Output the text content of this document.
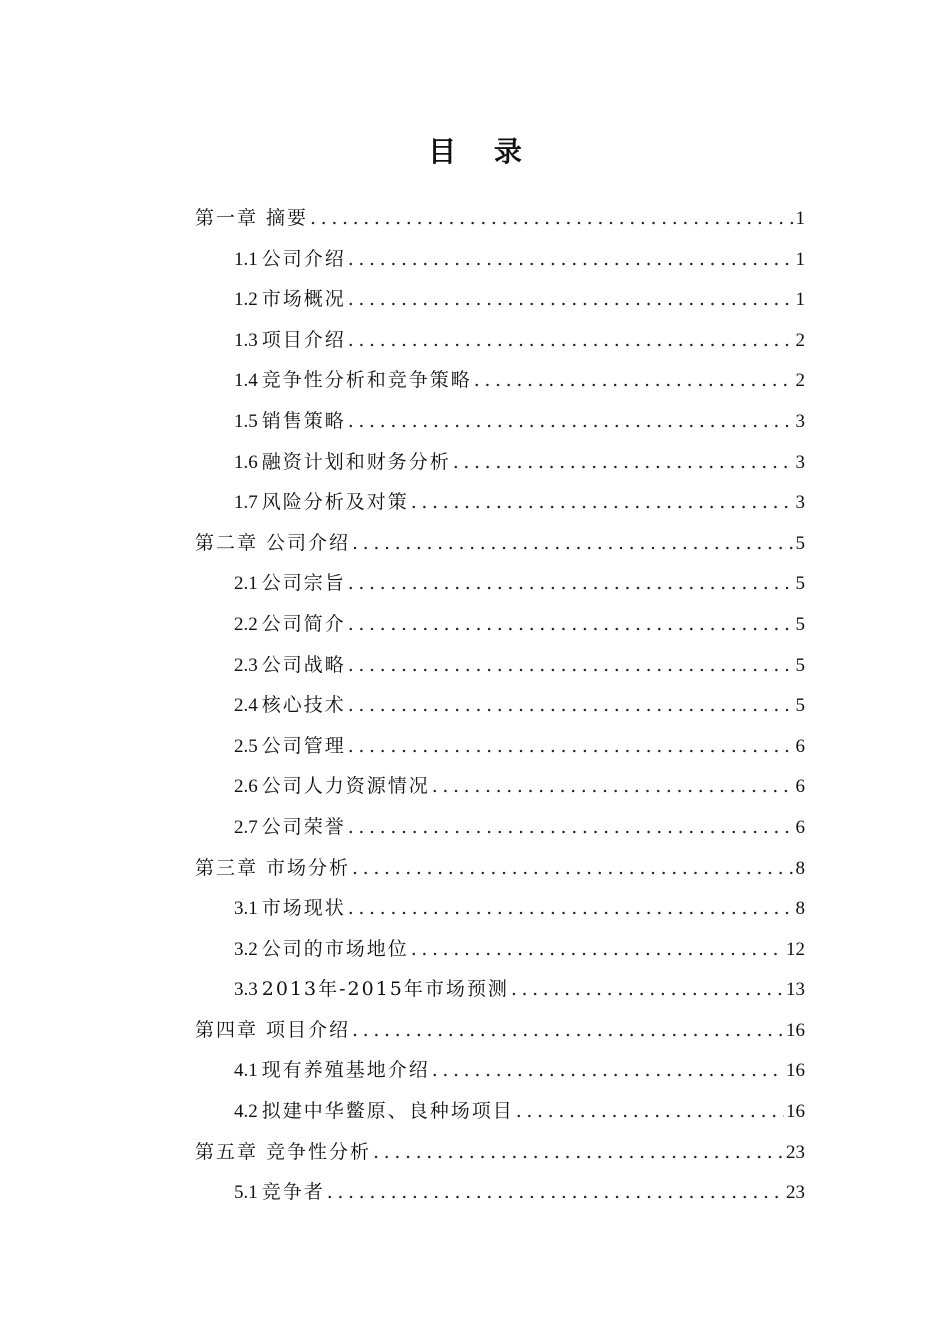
目 录
第一章 摘要 .....	1
1.1 公司介绍 .....	1
1.2 市场概况 .....	1
1.3 项目介绍 .....	2
1.4 竞争性分析和竞争策略 .....	2
1.5 销售策略 .....	3
1.6 融资计划和财务分析 .....	3
1.7 风险分析及对策 .....	3
第二章 公司介绍 .....	5
2.1 公司宗旨 .....	5
2.2 公司简介 .....	5
2.3 公司战略 .....	5
2.4 核心技术 .....	5
2.5 公司管理 .....	6
2.6 公司人力资源情况 .....	6
2.7 公司荣誉 .....	6
第三章 市场分析 .....	8
3.1 市场现状 .....	8
3.2 公司的市场地位 .....	12
3.3 2013年-2015年市场预测 .....	13
第四章 项目介绍 .....	16
4.1 现有养殖基地介绍 .....	16
4.2 拟建中华鳖原、良种场项目 .....	16
第五章 竞争性分析 .....	23
5.1 竞争者 .....	23
